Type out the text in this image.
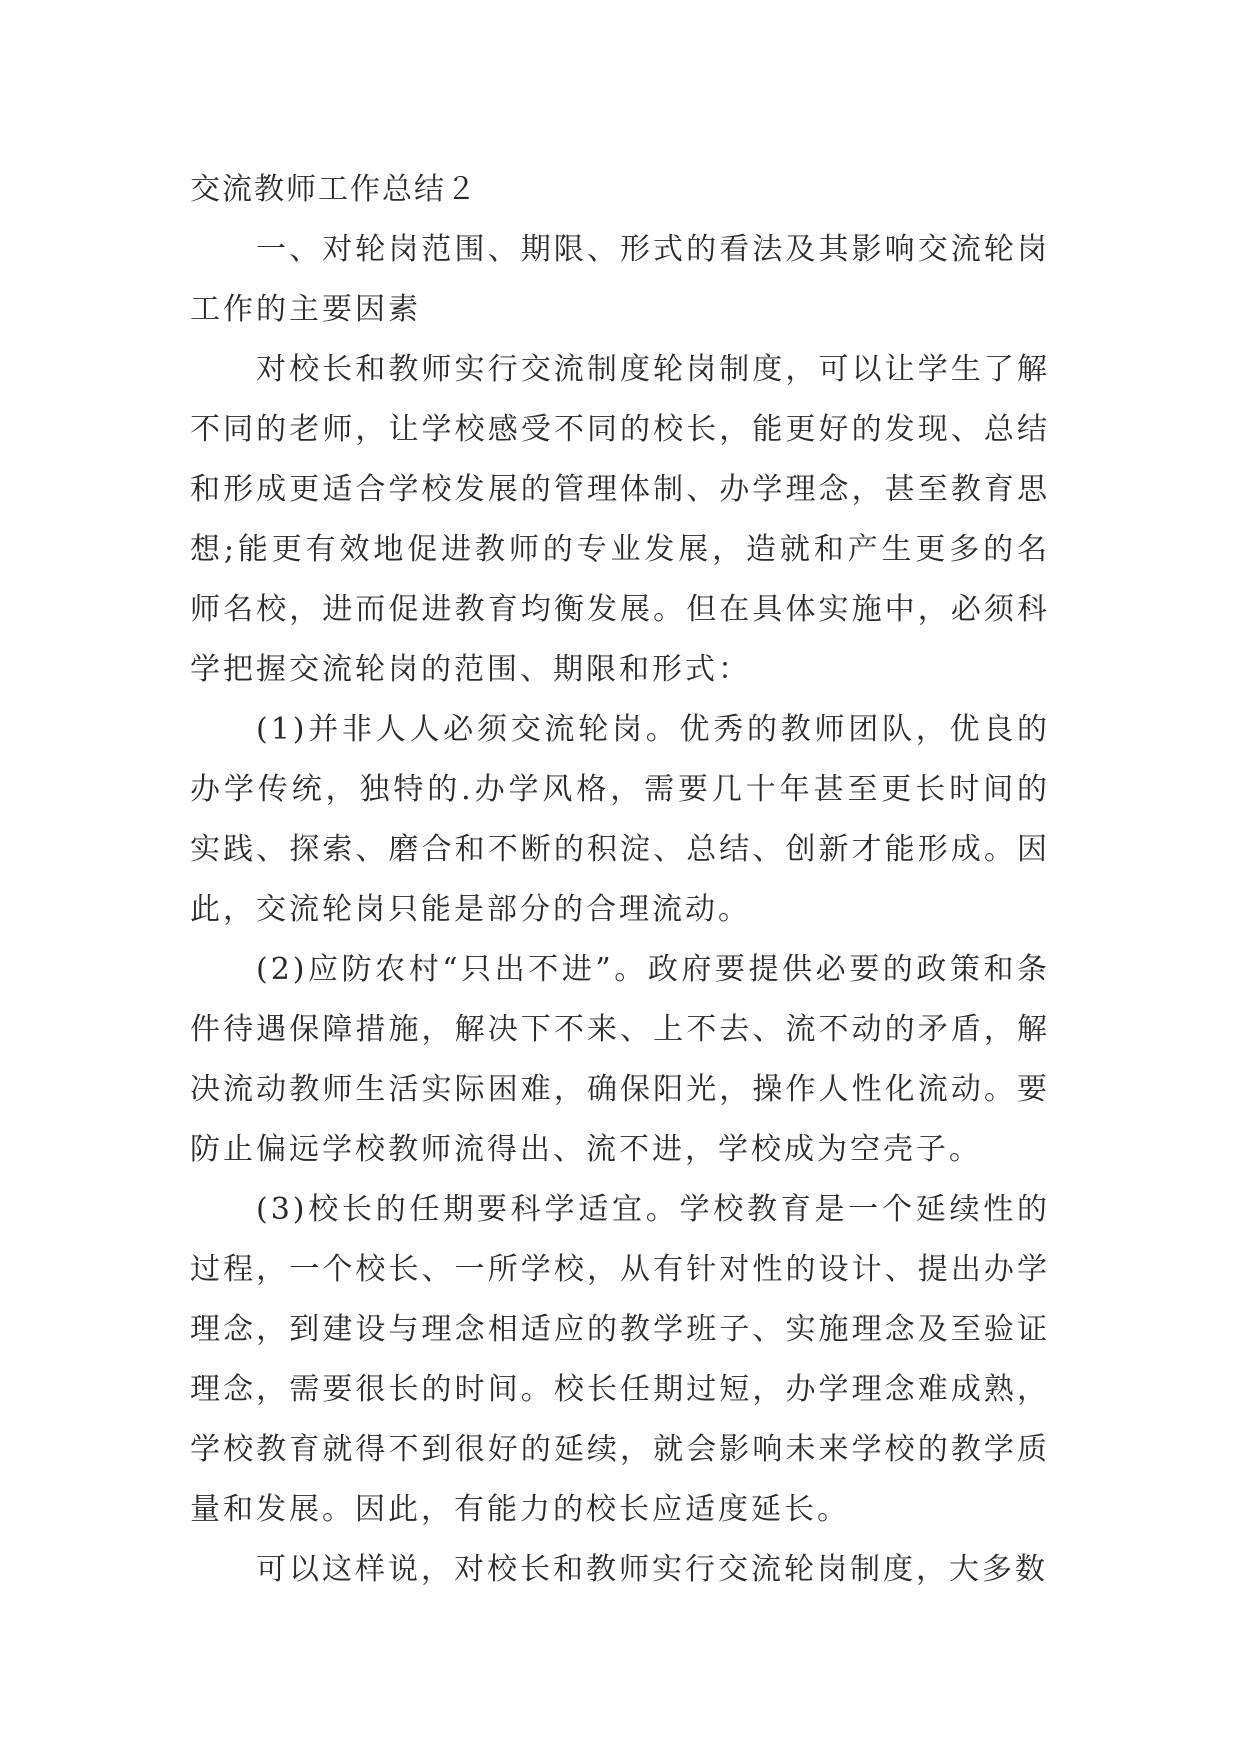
交流教师工作总结２

一、对轮岗范围、期限、形式的看法及其影响交流轮岗工作的主要因素

对校长和教师实行交流制度轮岗制度，可以让学生了解不同的老师，让学校感受不同的校长，能更好的发现、总结和形成更适合学校发展的管理体制、办学理念，甚至教育思想;能更有效地促进教师的专业发展，造就和产生更多的名师名校，进而促进教育均衡发展。但在具体实施中，必须科学把握交流轮岗的范围、期限和形式：

(1)并非人人必须交流轮岗。优秀的教师团队，优良的办学传统，独特的.办学风格，需要几十年甚至更长时间的实践、探索、磨合和不断的积淀、总结、创新才能形成。因此，交流轮岗只能是部分的合理流动。

(2)应防农村“只出不进”。政府要提供必要的政策和条件待遇保障措施，解决下不来、上不去、流不动的矛盾，解决流动教师生活实际困难，确保阳光，操作人性化流动。要防止偏远学校教师流得出、流不进，学校成为空壳子。

(3)校长的任期要科学适宜。学校教育是一个延续性的过程，一个校长、一所学校，从有针对性的设计、提出办学理念，到建设与理念相适应的教学班子、实施理念及至验证理念，需要很长的时间。校长任期过短，办学理念难成熟，学校教育就得不到很好的延续，就会影响未来学校的教学质量和发展。因此，有能力的校长应适度延长。

可以这样说，对校长和教师实行交流轮岗制度，大多数
